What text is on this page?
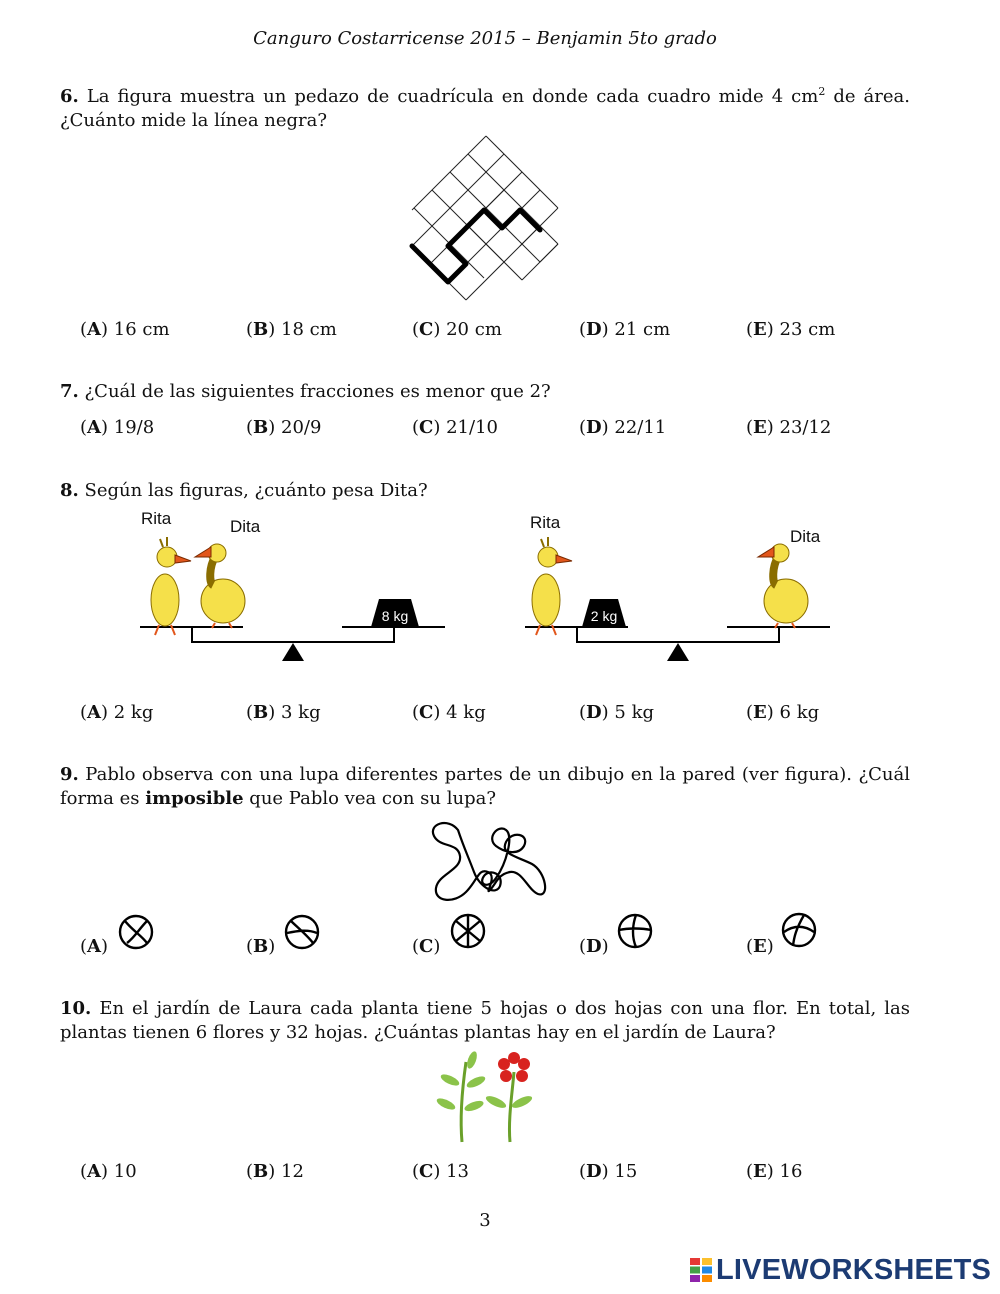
Canguro Costarricense 2015 – Benjamin 5to grado
6. La figura muestra un pedazo de cuadrícula en donde cada cuadro mide 4 $cm^2$ de área. ¿Cuánto mide la línea negra?
(A) 16 cm	(B) 18 cm	(C) 20 cm	(D) 21 cm	(E) 23 cm
7. ¿Cuál de las siguientes fracciones es menor que 2?
(A) 19/8	(B) 20/9	(C) 21/10	(D) 22/11	(E) 23/12
8. Según las figuras, ¿cuánto pesa Dita?
Rita	Dita
8 kg	2 kg
Rita
Dita
(A) 2 kg	(B) 3 kg	(C) 4 kg	(D) 5 kg	(E) 6 kg
9. Pablo observa con una lupa diferentes partes de un dibujo en la pared (ver figura). ¿Cuál forma es imposible que Pablo vea con su lupa?
(A)	(B)	(C)	(D)	(E)
10. En el jardín de Laura cada planta tiene 5 hojas o dos hojas con una flor. En total, las plantas tienen 6 flores y 32 hojas. ¿Cuántas plantas hay en el jardín de Laura?
(A) 10	(B) 12	(C) 13	(D) 15	(E) 16
3
LIVEWORKSHEETS
